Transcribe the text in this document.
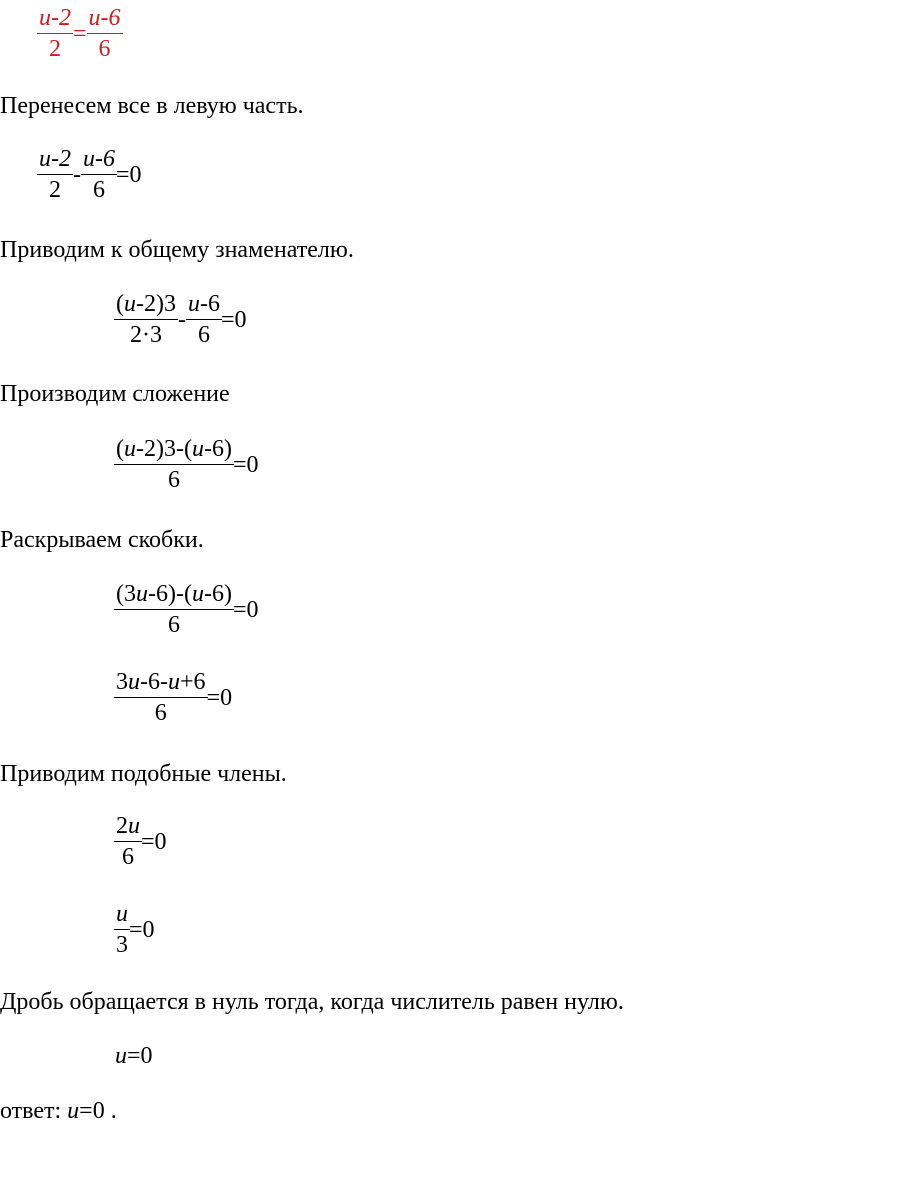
$\frac{u-2}{2} = \frac{u-6}{6}$
Перенесем все в левую часть.
$\frac{u-2}{2} - \frac{u-6}{6} =0$
Приводим к общему знаменателю.
$\frac{(u-2)3}{2\cdot 3} - \frac{u-6}{6} =0$
Производим сложение
$\frac{(u-2)3-(u-6)}{6} =0$
Раскрываем скобки.
$\frac{(3u-6)-(u-6)}{6} =0$
$\frac{3u-6-u+6}{6} =0$
Приводим подобные члены.
$\frac{2u}{6} =0$
$\frac{u}{3} =0$
Дробь обращается в нуль тогда, когда числитель равен нулю.
u=0
ответ: u=0 .
